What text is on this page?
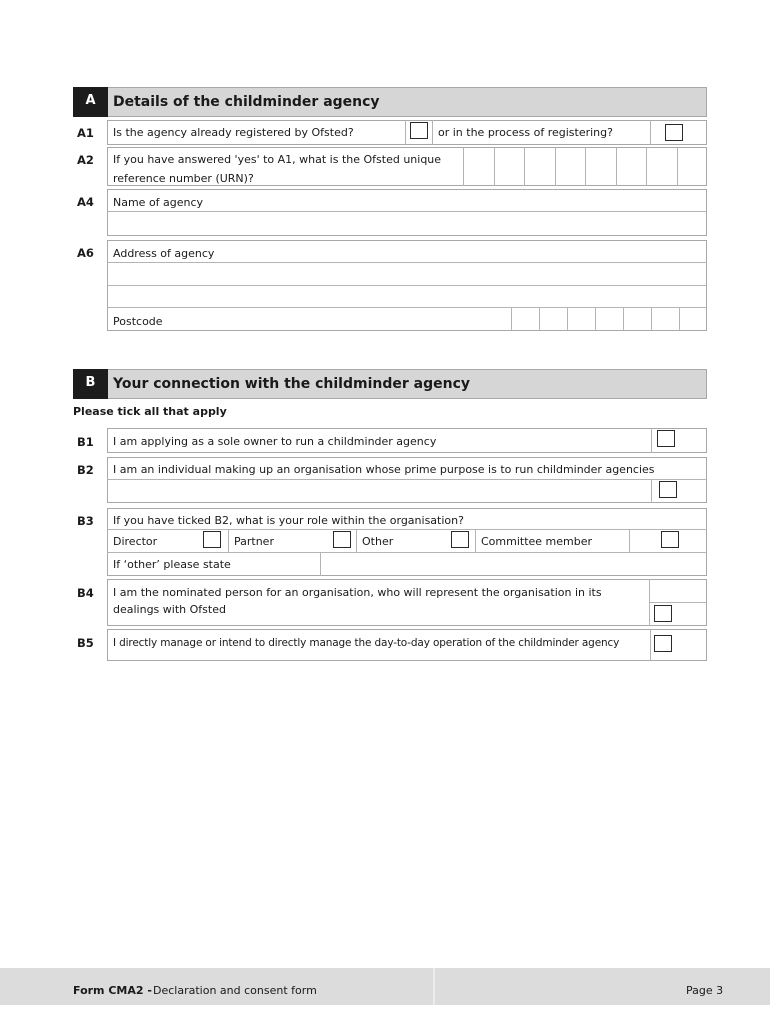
A	Details of the childminder agency
A1 Is the agency already registered by Ofsted?	or in the process of registering?
A2 If you have answered 'yes' to A1, what is the Ofsted unique
reference number (URN)?
A4 Name of agency
A6 Address of agency
Postcode
B	Your connection with the childminder agency
Please tick all that apply
B1 I am applying as a sole owner to run a childminder agency
B2 I am an individual making up an organisation whose prime purpose is to run childminder agencies
B3 If you have ticked B2, what is your role within the organisation?
Director	Partner	Other	Committee member
If ‘other’ please state
B4 I am the nominated person for an organisation, who will represent the organisation in its
dealings with Ofsted
B5 I directly manage or intend to directly manage the day-to-day operation of the childminder agency
Form CMA2 - Declaration and consent form	Page 3
